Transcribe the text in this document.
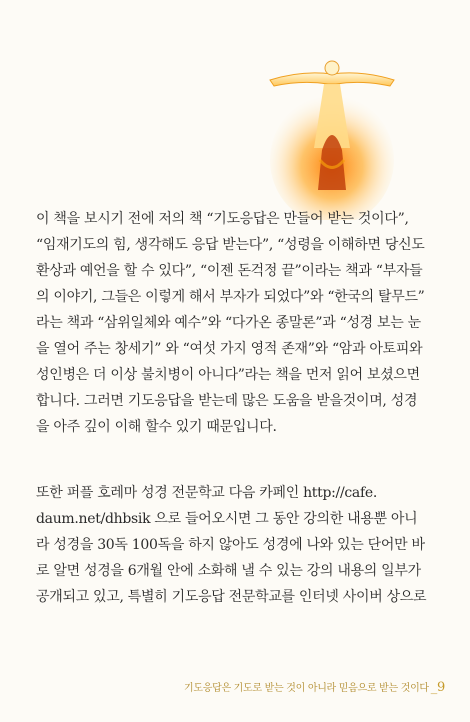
이 책을 보시기 전에 저의 책 “기도응답은 만들어 받는 것이다”,
“임재기도의 힘, 생각해도 응답 받는다”, “성령을 이해하면 당신도
환상과 예언을 할 수 있다”, “이젠 돈걱정 끝”이라는 책과 “부자들
의 이야기, 그들은 이렇게 해서 부자가 되었다”와 “한국의 탈무드”
라는 책과 “삼위일체와 예수”와 “다가온 종말론”과 “성경 보는 눈
을 열어 주는 창세기” 와 “여섯 가지 영적 존재”와 “암과 아토피와
성인병은 더 이상 불치병이 아니다”라는 책을 먼저 읽어 보셨으면
합니다. 그러면 기도응답을 받는데 많은 도움을 받을것이며, 성경
을 아주 깊이 이해 할수 있기 때문입니다.
또한 퍼플 호레마 성경 전문학교 다음 카페인 http://cafe.
daum.net/dhbsik 으로 들어오시면 그 동안 강의한 내용뿐 아니
라 성경을 30독 100독을 하지 않아도 성경에 나와 있는 단어만 바
로 알면 성경을 6개월 안에 소화해 낼 수 있는 강의 내용의 일부가
공개되고 있고, 특별히 기도응답 전문학교를 인터넷 사이버 상으로
기도응답은 기도로 받는 것이 아니라 믿음으로 받는 것이다 _9
